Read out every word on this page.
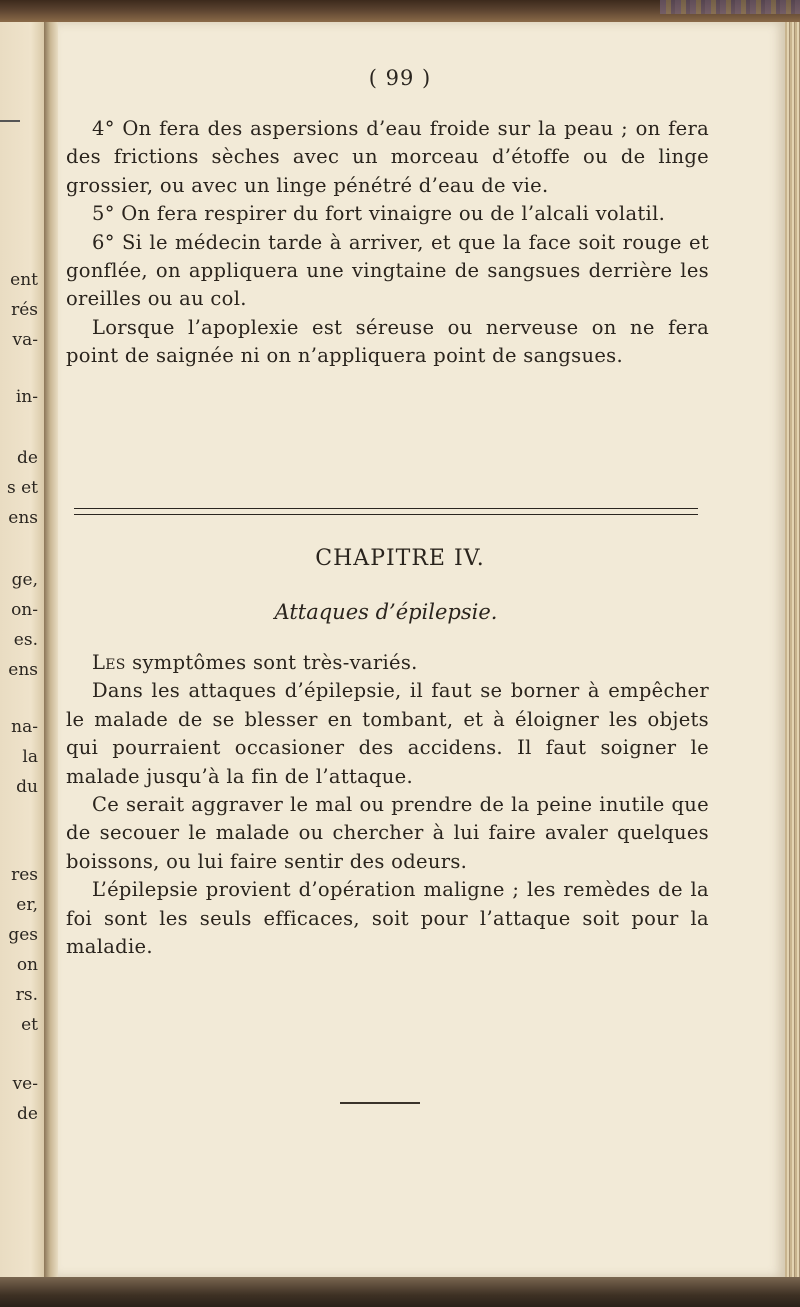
ent
rés
va-
in-
de
s et
ens
ge,
on-
es.
ens
na-
la
du
res
er,
ges
on
rs.
et
ve-
de
( 99 )

4° On fera des aspersions d’eau froide sur la peau ; on fera des frictions sèches avec un morceau d’étoffe ou de linge grossier, ou avec un linge pénétré d’eau de vie.

5° On fera respirer du fort vinaigre ou de l’alcali volatil.

6° Si le médecin tarde à arriver, et que la face soit rouge et gonflée, on appliquera une vingtaine de sangsues derrière les oreilles ou au col.

Lorsque l’apoplexie est séreuse ou nerveuse on ne fera point de saignée ni on n’appliquera point de sangsues.

CHAPITRE IV.
Attaques d’épilepsie.

Les symptômes sont très-variés.

Dans les attaques d’épilepsie, il faut se borner à empêcher le malade de se blesser en tombant, et à éloigner les objets qui pourraient occasioner des accidens. Il faut soigner le malade jusqu’à la fin de l’attaque.

Ce serait aggraver le mal ou prendre de la peine inutile que de secouer le malade ou chercher à lui faire avaler quelques boissons, ou lui faire sentir des odeurs.

L’épilepsie provient d’opération maligne ; les remèdes de la foi sont les seuls efficaces, soit pour l’attaque soit pour la maladie.
